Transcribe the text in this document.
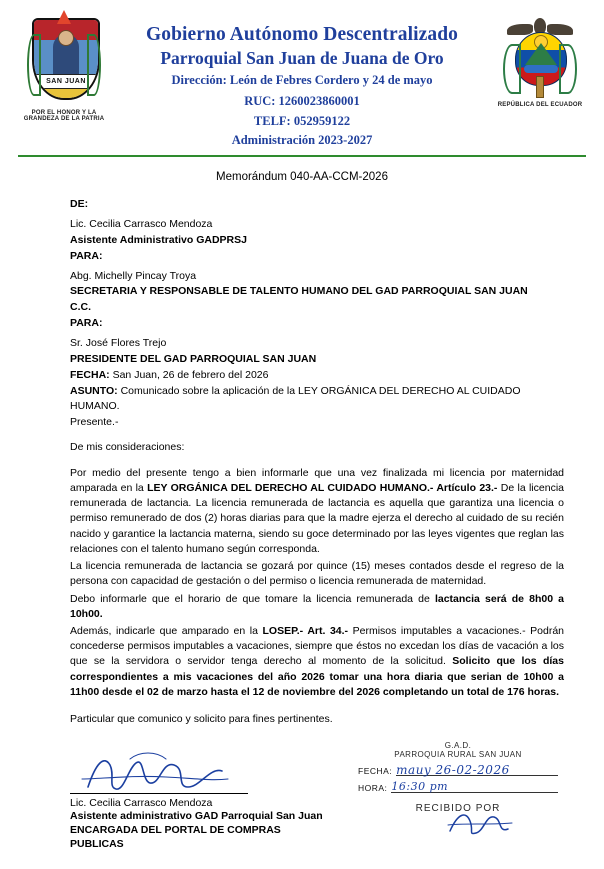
SAN JUAN
POR EL HONOR Y LA GRANDEZA DE LA PATRIA
Gobierno Autónomo Descentralizado
Parroquial San Juan de Juana de Oro
Dirección: León de Febres Cordero y 24 de mayo
RUC: 1260023860001
TELF: 052959122
Administración 2023-2027
REPÚBLICA DEL ECUADOR
Memorándum 040-AA-CCM-2026
DE:
Lic. Cecilia Carrasco Mendoza
Asistente Administrativo GADPRSJ
PARA:
Abg. Michelly Pincay Troya
SECRETARIA Y RESPONSABLE DE TALENTO HUMANO DEL GAD PARROQUIAL SAN JUAN
C.C.
PARA:
Sr. José Flores Trejo
PRESIDENTE DEL GAD PARROQUIAL SAN JUAN
FECHA: San Juan, 26 de febrero del 2026
ASUNTO: Comunicado sobre la aplicación de la LEY ORGÁNICA DEL DERECHO AL CUIDADO HUMANO.
Presente.-
De mis consideraciones:

Por medio del presente tengo a bien informarle que una vez finalizada mi licencia por maternidad amparada en la LEY ORGÁNICA DEL DERECHO AL CUIDADO HUMANO.- Artículo 23.- De la licencia remunerada de lactancia. La licencia remunerada de lactancia es aquella que garantiza una licencia o permiso remunerado de dos (2) horas diarias para que la madre ejerza el derecho al cuidado de su recién nacido y garantice la lactancia materna, siendo su goce determinado por las leyes vigentes que reglan las relaciones con el talento humano según corresponda.

La licencia remunerada de lactancia se gozará por quince (15) meses contados desde el regreso de la persona con capacidad de gestación o del permiso o licencia remunerada de maternidad.

Debo informarle que el horario de que tomare la licencia remunerada de lactancia será de 8h00 a 10h00.

Además, indicarle que amparado en la LOSEP.- Art. 34.- Permisos imputables a vacaciones.- Podrán concederse permisos imputables a vacaciones, siempre que éstos no excedan los días de vacación a los que se la servidora o servidor tenga derecho al momento de la solicitud. Solicito que los días correspondientes a mis vacaciones del año 2026 tomar una hora diaria que serian de 10h00 a 11h00 desde el 02 de marzo hasta el 12 de noviembre del 2026 completando un total de 176 horas.

Particular que comunico y solicito para fines pertinentes.
Lic. Cecilia Carrasco Mendoza
Asistente administrativo GAD Parroquial San Juan
ENCARGADA DEL PORTAL DE COMPRAS PUBLICAS
G.A.D.
PARROQUIA RURAL SAN JUAN
FECHA: mauy 26-02-2026
HORA: 16:30 pm
RECIBIDO POR
